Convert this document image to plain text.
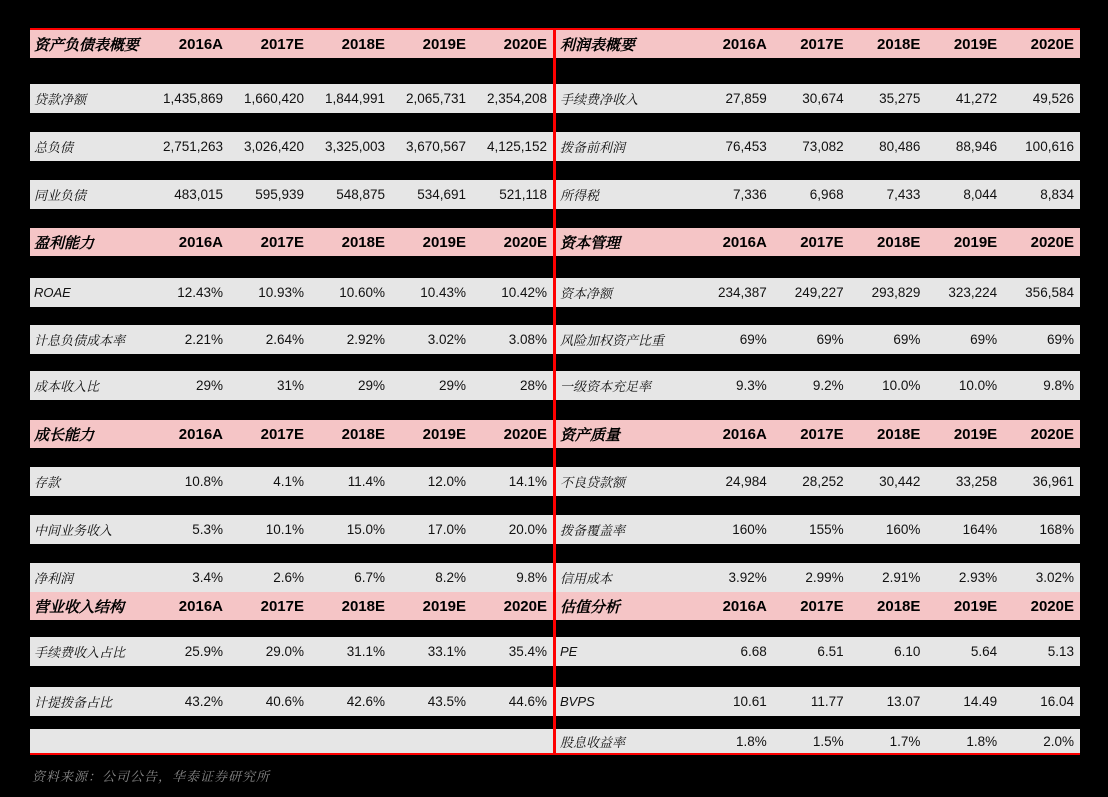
资产负债表概要	2016A	2017E	2018E	2019E	2020E
贷款净额	1,435,869	1,660,420	1,844,991	2,065,731	2,354,208
总负债	2,751,263	3,026,420	3,325,003	3,670,567	4,125,152
同业负债	483,015	595,939	548,875	534,691	521,118
盈利能力	2016A	2017E	2018E	2019E	2020E
ROAE	12.43%	10.93%	10.60%	10.43%	10.42%
计息负债成本率	2.21%	2.64%	2.92%	3.02%	3.08%
成本收入比	29%	31%	29%	29%	28%
成长能力	2016A	2017E	2018E	2019E	2020E
存款	10.8%	4.1%	11.4%	12.0%	14.1%
中间业务收入	5.3%	10.1%	15.0%	17.0%	20.0%
净利润	3.4%	2.6%	6.7%	8.2%	9.8%
营业收入结构	2016A	2017E	2018E	2019E	2020E
手续费收入占比	25.9%	29.0%	31.1%	33.1%	35.4%
计提拨备占比	43.2%	40.6%	42.6%	43.5%	44.6%
利润表概要	2016A	2017E	2018E	2019E	2020E
手续费净收入	27,859	30,674	35,275	41,272	49,526
拨备前利润	76,453	73,082	80,486	88,946	100,616
所得税	7,336	6,968	7,433	8,044	8,834
资本管理	2016A	2017E	2018E	2019E	2020E
资本净额	234,387	249,227	293,829	323,224	356,584
风险加权资产比重	69%	69%	69%	69%	69%
一级资本充足率	9.3%	9.2%	10.0%	10.0%	9.8%
资产质量	2016A	2017E	2018E	2019E	2020E
不良贷款额	24,984	28,252	30,442	33,258	36,961
拨备覆盖率	160%	155%	160%	164%	168%
信用成本	3.92%	2.99%	2.91%	2.93%	3.02%
估值分析	2016A	2017E	2018E	2019E	2020E
PE	6.68	6.51	6.10	5.64	5.13
BVPS	10.61	11.77	13.07	14.49	16.04
股息收益率	1.8%	1.5%	1.7%	1.8%	2.0%
资料来源：公司公告，华泰证券研究所
